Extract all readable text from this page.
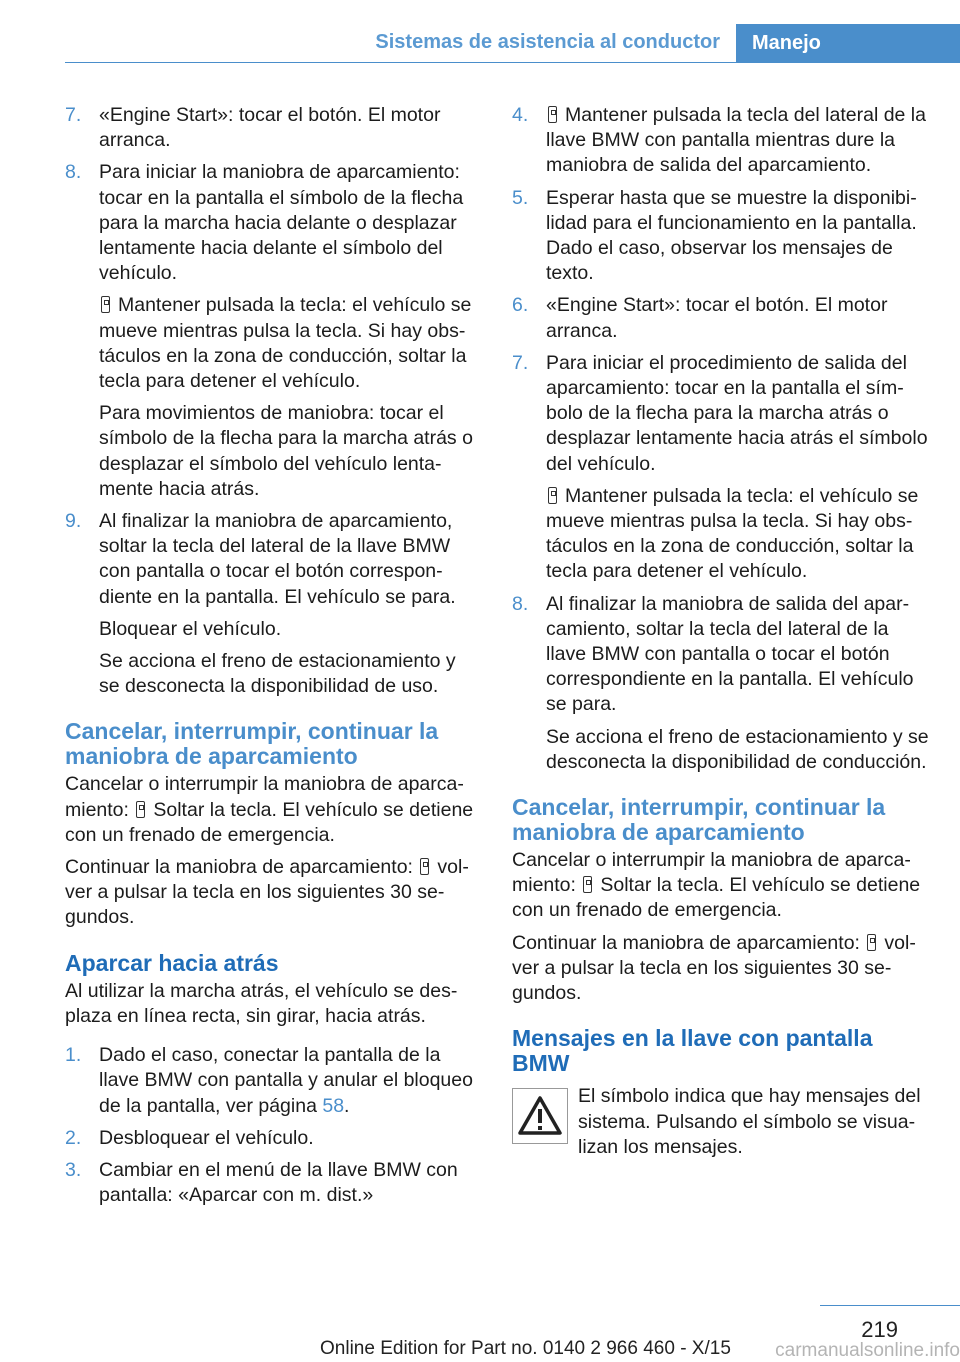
Sistemas de asistencia al conductor	Manejo
7. «Engine Start»: tocar el botón. El motor arranca.
8. Para iniciar la maniobra de aparcamiento: tocar en la pantalla el símbolo de la flecha para la marcha hacia delante o desplazar lentamente hacia delante el símbolo del vehículo.
Mantener pulsada la tecla: el vehículo se mueve mientras pulsa la tecla. Si hay obstáculos en la zona de conducción, soltar la tecla para detener el vehículo.
Para movimientos de maniobra: tocar el símbolo de la flecha para la marcha atrás o desplazar el símbolo del vehículo lentamente hacia atrás.
9. Al finalizar la maniobra de aparcamiento, soltar la tecla del lateral de la llave BMW con pantalla o tocar el botón correspondiente en la pantalla. El vehículo se para.
Bloquear el vehículo.
Se acciona el freno de estacionamiento y se desconecta la disponibilidad de uso.
Cancelar, interrumpir, continuar la maniobra de aparcamiento
Cancelar o interrumpir la maniobra de aparcamiento: Soltar la tecla. El vehículo se detiene con un frenado de emergencia.
Continuar la maniobra de aparcamiento: volver a pulsar la tecla en los siguientes 30 segundos.
Aparcar hacia atrás
Al utilizar la marcha atrás, el vehículo se desplaza en línea recta, sin girar, hacia atrás.
1. Dado el caso, conectar la pantalla de la llave BMW con pantalla y anular el bloqueo de la pantalla, ver página 58.
2. Desbloquear el vehículo.
3. Cambiar en el menú de la llave BMW con pantalla: «Aparcar con m. dist.»
4. Mantener pulsada la tecla del lateral de la llave BMW con pantalla mientras dure la maniobra de salida del aparcamiento.
5. Esperar hasta que se muestre la disponibilidad para el funcionamiento en la pantalla. Dado el caso, observar los mensajes de texto.
6. «Engine Start»: tocar el botón. El motor arranca.
7. Para iniciar el procedimiento de salida del aparcamiento: tocar en la pantalla el símbolo de la flecha para la marcha atrás o desplazar lentamente hacia atrás el símbolo del vehículo.
Mantener pulsada la tecla: el vehículo se mueve mientras pulsa la tecla. Si hay obstáculos en la zona de conducción, soltar la tecla para detener el vehículo.
8. Al finalizar la maniobra de salida del aparcamiento, soltar la tecla del lateral de la llave BMW con pantalla o tocar el botón correspondiente en la pantalla. El vehículo se para.
Se acciona el freno de estacionamiento y se desconecta la disponibilidad de conducción.
Cancelar, interrumpir, continuar la maniobra de aparcamiento
Cancelar o interrumpir la maniobra de aparcamiento: Soltar la tecla. El vehículo se detiene con un frenado de emergencia.
Continuar la maniobra de aparcamiento: volver a pulsar la tecla en los siguientes 30 segundos.
Mensajes en la llave con pantalla BMW
El símbolo indica que hay mensajes del sistema. Pulsando el símbolo se visualizan los mensajes.
219
Online Edition for Part no. 0140 2 966 460 - X/15 carmanualsonline.info
